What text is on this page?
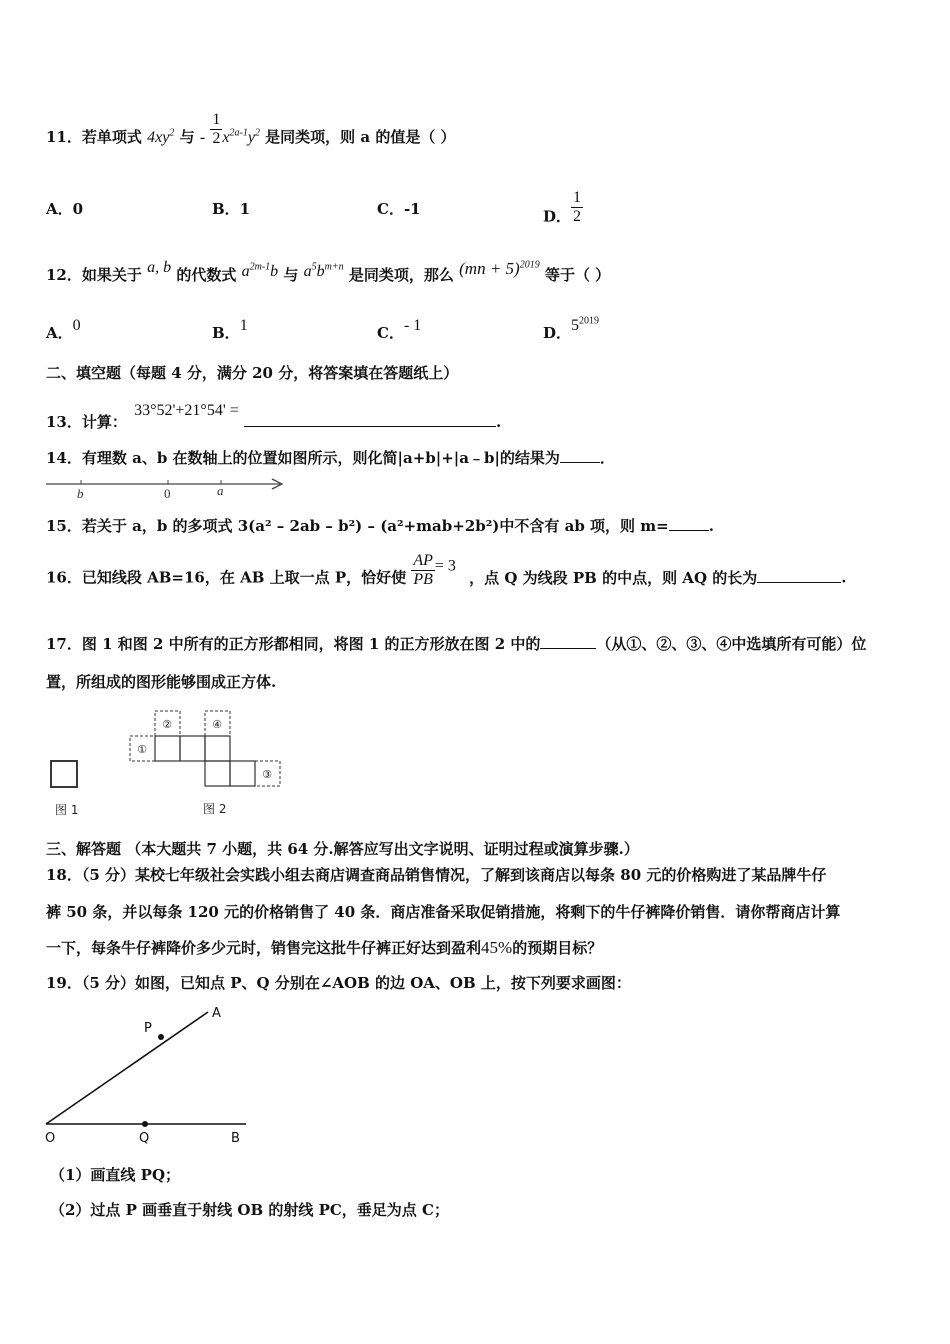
11．若单项式 $4xy^2$ 与 - $\frac{1}{2} x^{2a-1}y^2$ 是同类项，则 a 的值是（ ）
A．0	B．1	C．-1	D． $\frac{1}{2}$
12．如果关于 a, b 的代数式 $a^{2m-1}b$ 与 $a^5b^{m+n}$ 是同类项，那么 (mn + 5)$^{2019}$ 等于（ ）
A．0	B．1	C．- 1	D．$5^{2019}$
二、填空题（每题 4 分，满分 20 分，将答案填在答题纸上）
13．计算： 33°52'+21°54' = .
14．有理数 a、b 在数轴上的位置如图所示，则化简|a+b|+|a﹣b|的结果为	．
b	0	a
15．若关于 a，b 的多项式 3(a² – 2ab – b²) – (a²+mab+2b²)中不含有 ab 项，则 m=	.
16．已知线段 AB=16，在 AB 上取一点 P，恰好使 $\frac{AP}{PB} = 3$ ，点 Q 为线段 PB 的中点，则 AQ 的长为	.
17．图 1 和图 2 中所有的正方形都相同，将图 1 的正方形放在图 2 中的	（从①、②、③、④中选填所有可能）位
置，所组成的图形能够围成正方体.
图 1
①
②
③
④
图 2
三、解答题 （本大题共 7 小题，共 64 分.解答应写出文字说明、证明过程或演算步骤.）
18．（5 分）某校七年级社会实践小组去商店调查商品销售情况，了解到该商店以每条 80 元的价格购进了某品牌牛仔
裤 50 条，并以每条 120 元的价格销售了 40 条．商店准备采取促销措施，将剩下的牛仔裤降价销售．请你帮商店计算
一下，每条牛仔裤降价多少元时，销售完这批牛仔裤正好达到盈利45%的预期目标？
19．（5 分）如图，已知点 P、Q 分别在∠AOB 的边 OA、OB 上，按下列要求画图：
P
A
O	Q	B
（1）画直线 PQ；
（2）过点 P 画垂直于射线 OB 的射线 PC，垂足为点 C；
